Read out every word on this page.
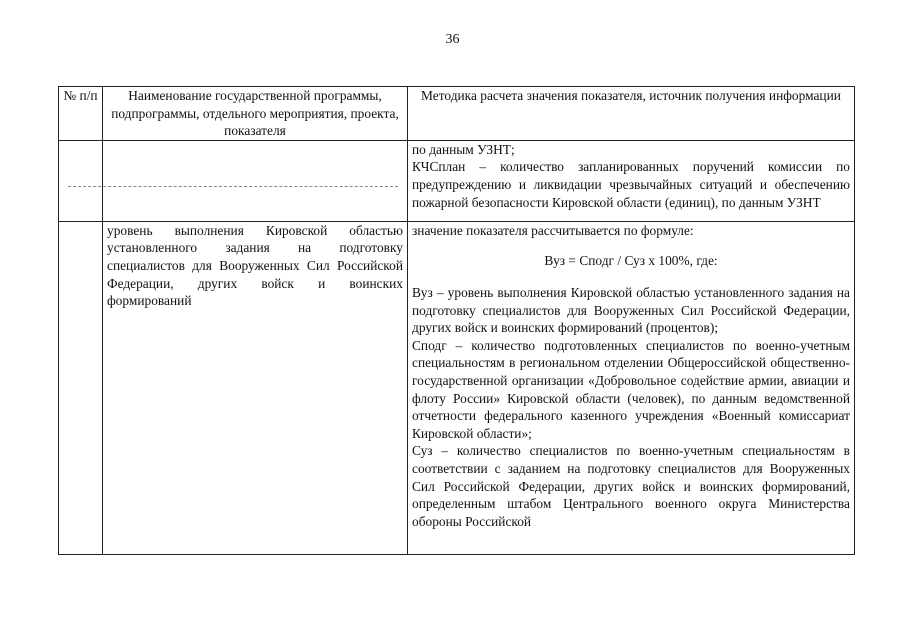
36
№ п/п	Наименование государственной программы, подпрограммы, отдельного мероприятия, проекта, показателя	Методика расчета значения показателя, источник получения информации

		по данным УЗНТ;
КЧСплан – количество запланированных поручений комиссии по предупреждению и ликвидации чрезвычайных ситуаций и обеспечению пожарной безопасности Кировской области (единиц), по данным УЗНТ

	уровень выполнения Кировской областью установленного задания на подготовку специалистов для Вооруженных Сил Российской Федерации, других войск и воинских формирований	значение показателя рассчитывается по формуле:
Вуз = Сподг / Суз x 100%, где:
Вуз – уровень выполнения Кировской областью установленного задания на подготовку специалистов для Вооруженных Сил Российской Федерации, других войск и воинских формирований (процентов);
Сподг – количество подготовленных специалистов по военно-учетным специальностям в региональном отделении Общероссийской общественно-государственной организации «Добровольное содействие армии, авиации и флоту России» Кировской области (человек), по данным ведомственной отчетности федерального казенного учреждения «Военный комиссариат Кировской области»;
Суз – количество специалистов по военно-учетным специальностям в соответствии с заданием на подготовку специалистов для Вооруженных Сил Российской Федерации, других войск и воинских формирований, определенным штабом Центрального военного округа Министерства обороны Российской
